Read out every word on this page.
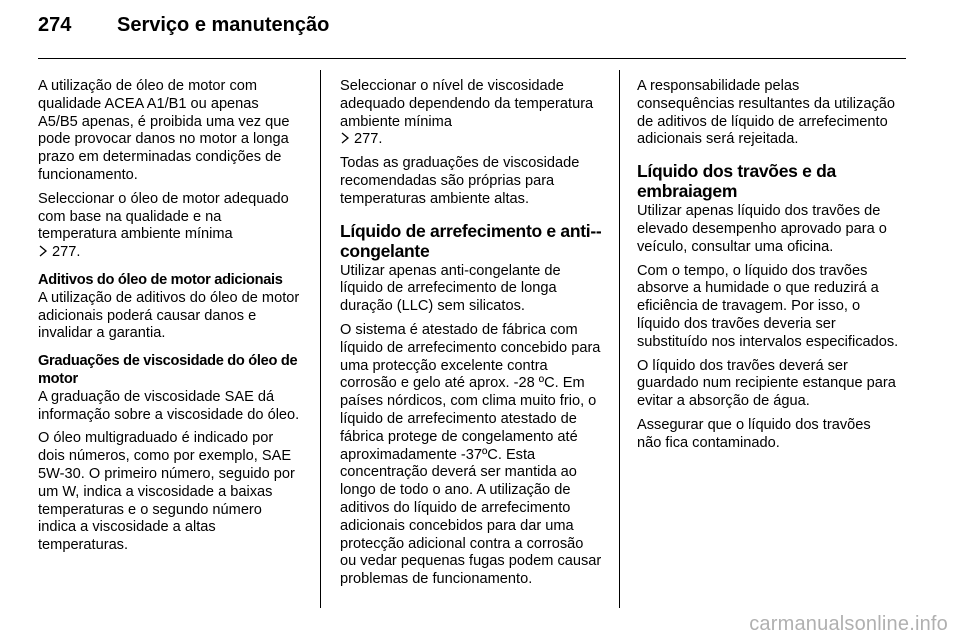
274 Serviço e manutenção

A utilização de óleo de motor com qualidade ACEA A1/B1 ou apenas A5/B5 apenas, é proibida uma vez que pode provocar danos no motor a longa prazo em determinadas condições de funcionamento.

Seleccionar o óleo de motor adequado com base na qualidade e na temperatura ambiente mínima
277.

Aditivos do óleo de motor adicionais

A utilização de aditivos do óleo de motor adicionais poderá causar danos e invalidar a garantia.

Graduações de viscosidade do óleo de motor

A graduação de viscosidade SAE dá informação sobre a viscosidade do óleo.

O óleo multigraduado é indicado por dois números, como por exemplo, SAE 5W-30. O primeiro número, seguido por um W, indica a viscosidade a baixas temperaturas e o segundo número indica a viscosidade a altas temperaturas.

Seleccionar o nível de viscosidade adequado dependendo da temperatura ambiente mínima
277.

Todas as graduações de viscosidade recomendadas são próprias para temperaturas ambiente altas.

Líquido de arrefecimento e anti--congelante

Utilizar apenas anti-congelante de líquido de arrefecimento de longa duração (LLC) sem silicatos.

O sistema é atestado de fábrica com líquido de arrefecimento concebido para uma protecção excelente contra corrosão e gelo até aprox. -28 ºC. Em países nórdicos, com clima muito frio, o líquido de arrefecimento atestado de fábrica protege de congelamento até aproximadamente -37ºC. Esta concentração deverá ser mantida ao longo de todo o ano. A utilização de aditivos do líquido de arrefecimento adicionais concebidos para dar uma protecção adicional contra a corrosão ou vedar pequenas fugas podem causar problemas de funcionamento.

A responsabilidade pelas consequências resultantes da utilização de aditivos de líquido de arrefecimento adicionais será rejeitada.

Líquido dos travões e da embraiagem

Utilizar apenas líquido dos travões de elevado desempenho aprovado para o veículo, consultar uma oficina.

Com o tempo, o líquido dos travões absorve a humidade o que reduzirá a eficiência de travagem. Por isso, o líquido dos travões deveria ser substituído nos intervalos especificados.

O líquido dos travões deverá ser guardado num recipiente estanque para evitar a absorção de água.

Assegurar que o líquido dos travões não fica contaminado.

carmanualsonline.info
